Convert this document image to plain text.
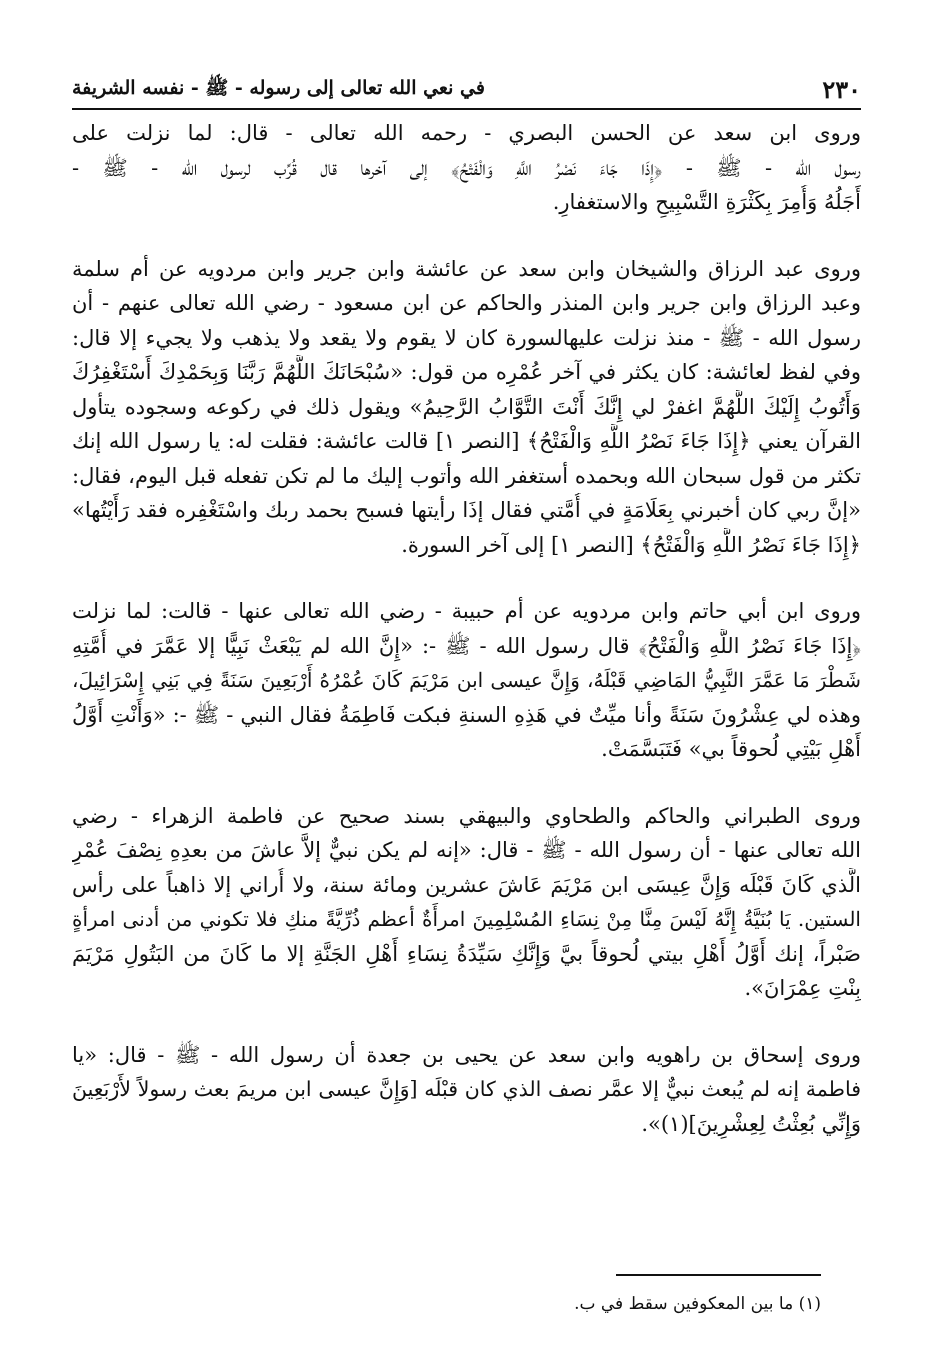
٢٣٠
في نعي الله تعالى إلى رسوله - ﷺ - نفسه الشريفة
وروى ابن سعد عن الحسن البصري - رحمه الله تعالى - قال: لما نزلت على
رسول الله - ﷺ - ﴿إِذَا جَاءَ نَصْرُ اللَّهِ وَالْفَتْحُ﴾ إلى آخرها قال قُرِّب لرسول الله - ﷺ -
أَجَلُهُ وَأُمِرَ بِكَثْرَةِ التَّسْبِيحِ والاستغفارِ.
وروى عبد الرزاق والشيخان وابن سعد عن عائشة وابن جرير وابن مردويه عن أم سلمة
وعبد الرزاق وابن جرير وابن المنذر والحاكم عن ابن مسعود - رضي الله تعالى عنهم - أن
رسول الله - ﷺ - منذ نزلت عليهالسورة كان لا يقوم ولا يقعد ولا يذهب ولا يجيء إلا قال:
وفي لفظ لعائشة: كان يكثر في آخر عُمْرِه من قول: «سُبْحَانَكَ اللَّهُمَّ رَبَّنَا وَبِحَمْدِكَ أَسْتَغْفِرُكَ
وَأَتُوبُ إِلَيْكَ اللَّهُمَّ اغفرْ لي إِنَّكَ أَنْتَ التَّوَّابُ الرَّحِيمُ» ويقول ذلك في ركوعه وسجوده يتأول
القرآن يعني ﴿إِذَا جَاءَ نَصْرُ اللَّهِ وَالْفَتْحُ﴾ [النصر ١] قالت عائشة: فقلت له: يا رسول الله إنك
تكثر من قول سبحان الله وبحمده أستغفر الله وأتوب إليك ما لم تكن تفعله قبل اليوم، فقال:
«إنَّ ربي كان أخبرني بِعَلَامَةٍ في أُمَّتي فقال إذَا رأيتها فسبح بحمد ربك واسْتَغْفِره فقد رَأَيْتُها»
﴿إِذَا جَاءَ نَصْرُ اللَّهِ وَالْفَتْحُ﴾ [النصر ١] إلى آخر السورة.
وروى ابن أبي حاتم وابن مردويه عن أم حبيبة - رضي الله تعالى عنها - قالت: لما نزلت
﴿إِذَا جَاءَ نَصْرُ اللَّهِ وَالْفَتْحُ﴾ قال رسول الله - ﷺ -: «إِنَّ الله لم يَبْعَثْ نَبِيًّا إلا عَمَّرَ في أُمَّتِهِ
شَطْرَ مَا عَمَّرَ النَّبِيُّ المَاضِي قَبْلَهُ، وَإِنَّ عيسى ابن مَرْيَمَ كَانَ عُمْرُهُ أَرْبَعِينَ سَنَةً فِي بَنِي إِسْرَائِيلَ،
وهذه لي عِشْرُونَ سَنَةً وأنا ميِّتٌ في هَذِهِ السنةِ فبكت فَاطِمَةُ فقال النبي - ﷺ -: «وَأَنْتِ أَوَّلُ
أَهْلِ بَيْتِي لُحوقاً بي» فَتَبَسَّمَتْ.
وروى الطبراني والحاكم والطحاوي والبيهقي بسند صحيح عن فاطمة الزهراء - رضي
الله تعالى عنها - أن رسول الله - ﷺ - قال: «إنه لم يكن نبيٌّ إلاَّ عاشَ من بعدِهِ نِصْفَ عُمْرِ
الَّذي كَانَ قَبْلَه وَإِنَّ عِيسَى ابن مَرْيَمَ عَاشَ عشرين ومائة سنة، ولا أُراني إلا ذاهباً على رأس
الستين. يَا بُنَيَّةُ إِنَّهُ لَيْسَ مِنَّا مِنْ نِسَاءِ المُسْلِمِينَ امرأَةٌ أعظم ذُرِّيَّةً منكِ فلا تكوني من أدنى امرأةٍ
صَبْراً، إنك أَوَّلُ أَهْلِ بيتي لُحوقاً بيَّ وَإِنَّكِ سَيِّدَةُ نِسَاءِ أَهْلِ الجَنَّةِ إلا ما كَانَ من البَتُولِ مَرْيَمَ
بِنْتِ عِمْرَانَ».
وروى إسحاق بن راهويه وابن سعد عن يحيى بن جعدة أن رسول الله - ﷺ - قال: «يا
فاطمة إنه لم يُبعث نبيٌّ إلا عمَّر نصف الذي كان قبْلَه [وَإِنَّ عيسى ابن مريمَ بعث رسولاً لأَرْبَعِينَ
وَإِنِّي بُعِثْتُ لِعِشْرِينَ](١)».
(١) ما بين المعكوفين سقط في ب.
